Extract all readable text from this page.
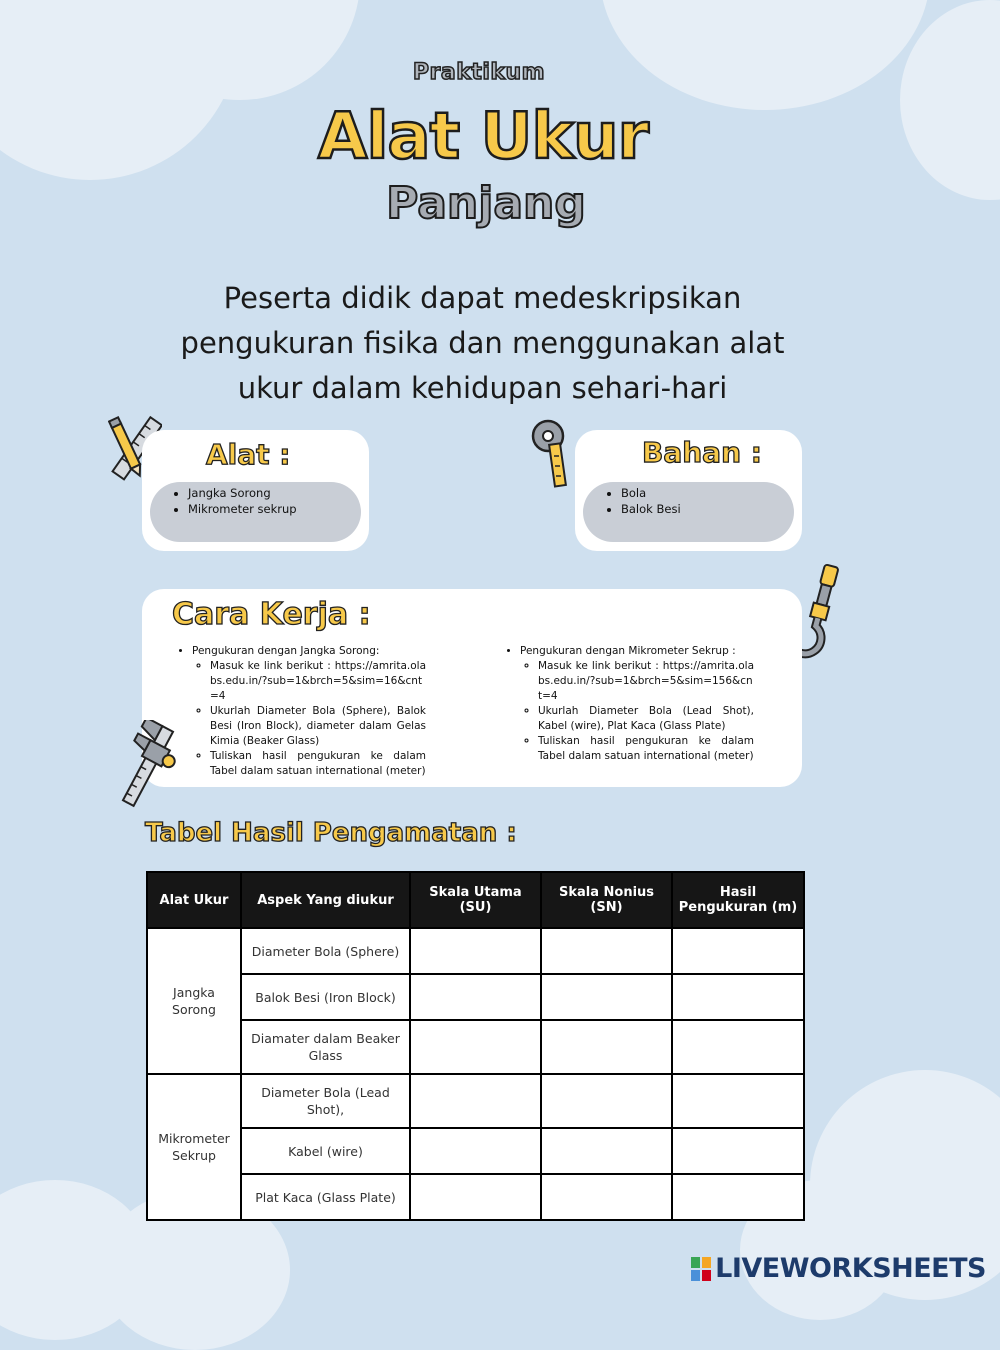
Praktikum
Alat Ukur
Panjang
Peserta didik dapat medeskripsikan pengukuran fisika dan menggunakan alat ukur dalam kehidupan sehari-hari
Alat :
• Jangka Sorong
• Mikrometer sekrup
Bahan :
• Bola
• Balok Besi
Cara Kerja :
• Pengukuran dengan Jangka Sorong:
◦ Masuk ke link berikut : https://amrita.olabs.edu.in/?sub=1&brch=5&sim=16&cnt=4
◦ Ukurlah Diameter Bola (Sphere), Balok Besi (Iron Block), diameter dalam Gelas Kimia (Beaker Glass)
◦ Tuliskan hasil pengukuran ke dalam Tabel dalam satuan international (meter)
• Pengukuran dengan Mikrometer Sekrup :
◦ Masuk ke link berikut : https://amrita.olabs.edu.in/?sub=1&brch=5&sim=156&cnt=4
◦ Ukurlah Diameter Bola (Lead Shot), Kabel (wire), Plat Kaca (Glass Plate)
◦ Tuliskan hasil pengukuran ke dalam Tabel dalam satuan international (meter)
Tabel Hasil Pengamatan :
Alat Ukur	Aspek Yang diukur	Skala Utama (SU)	Skala Nonius (SN)	Hasil Pengukuran (m)
Jangka Sorong	Diameter Bola (Sphere)			
	Balok Besi (Iron Block)			
	Diamater dalam Beaker Glass			
Mikrometer Sekrup	Diameter Bola (Lead Shot),			
	Kabel (wire)			
	Plat Kaca (Glass Plate)			
LIVEWORKSHEETS
